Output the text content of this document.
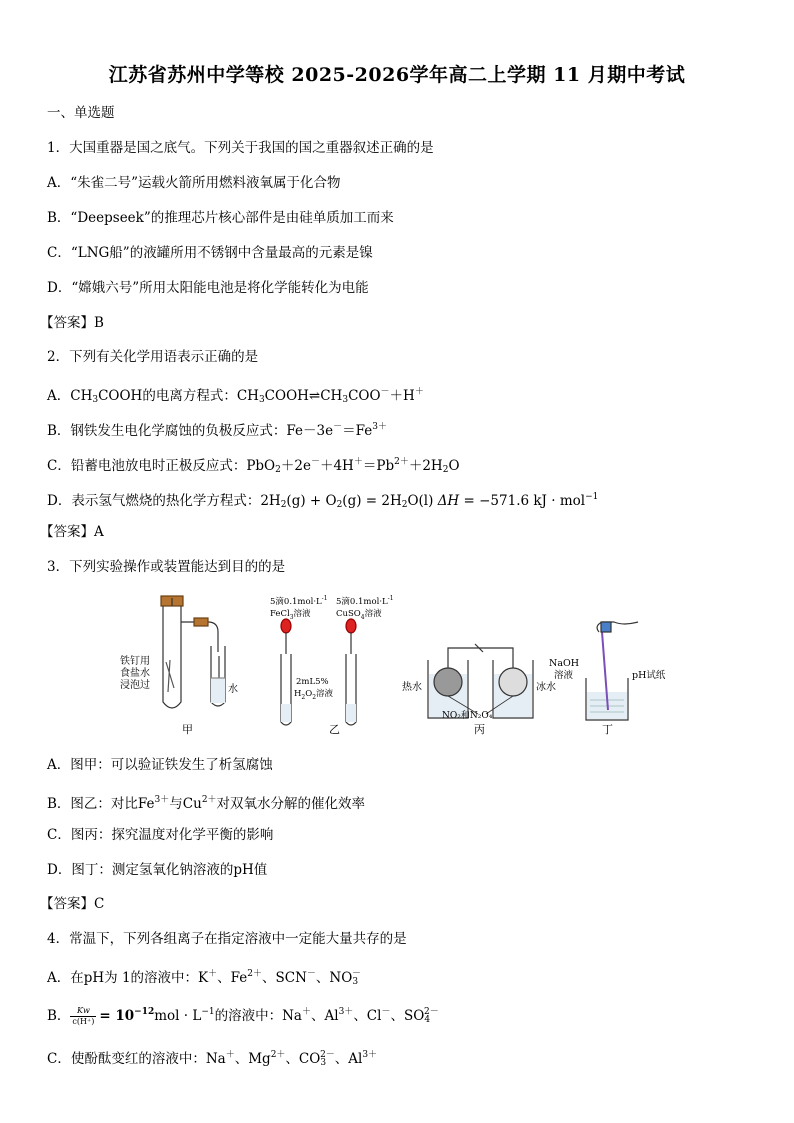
江苏省苏州中学等校 2025-2026学年高二上学期 11 月期中考试
一、单选题
1．大国重器是国之底气。下列关于我国的国之重器叙述正确的是
A．“朱雀二号”运载火箭所用燃料液氧属于化合物
B．“Deepseek”的推理芯片核心部件是由硅单质加工而来
C．“LNG船”的液罐所用不锈钢中含量最高的元素是镍
D．“嫦娥六号”所用太阳能电池是将化学能转化为电能
【答案】B
2．下列有关化学用语表示正确的是
A．$CH_3COOH$的电离方程式：$CH_3COOH\rightleftharpoons CH_3COO^-+H^+$
B．钢铁发生电化学腐蚀的负极反应式：$Fe-3e^-=Fe^{3+}$
C．铅蓄电池放电时正极反应式：$PbO_2+2e^-+4H^+=Pb^{2+}+2H_2O$
D．表示氢气燃烧的热化学方程式：$2H_2(g) + O_2(g) = 2H_2O(l) \Delta H = -571.6$ kJ · mol$^{-1}$
【答案】A
3．下列实验操作或装置能达到目的的是
铁钉用
食盐水
浸泡过	水
甲
5滴$0.1mol\cdot L^{-1}$
FeCl$_3$溶液
5滴$0.1mol\cdot L^{-1}$
CuSO$_4$溶液
2mL5%
$H_2O_2$溶液
乙
热水	冰水
NO₂和N₂O₄
丙
NaOH
溶液	pH试纸
丁
A．图甲：可以验证铁发生了析氢腐蚀
B．图乙：对比$Fe^{3+}$与$Cu^{2+}$对双氧水分解的催化效率
C．图丙：探究温度对化学平衡的影响
D．图丁：测定氢氧化钠溶液的pH值
【答案】C
4．常温下，下列各组离子在指定溶液中一定能大量共存的是
A．在pH为 1的溶液中：K＋、$Fe^{2+}$、SCN－、$NO_3^-$
B． $\frac{Kw}{c(H^+)} = 10^{-12}mol \cdot L^{-1}$的溶液中：Na＋、$Al^{3+}$、Cl－、$SO_4^{2-}$
C．使酚酞变红的溶液中：Na＋、$Mg^{2+}$、$CO_3^{2-}$、$Al^{3+}$
